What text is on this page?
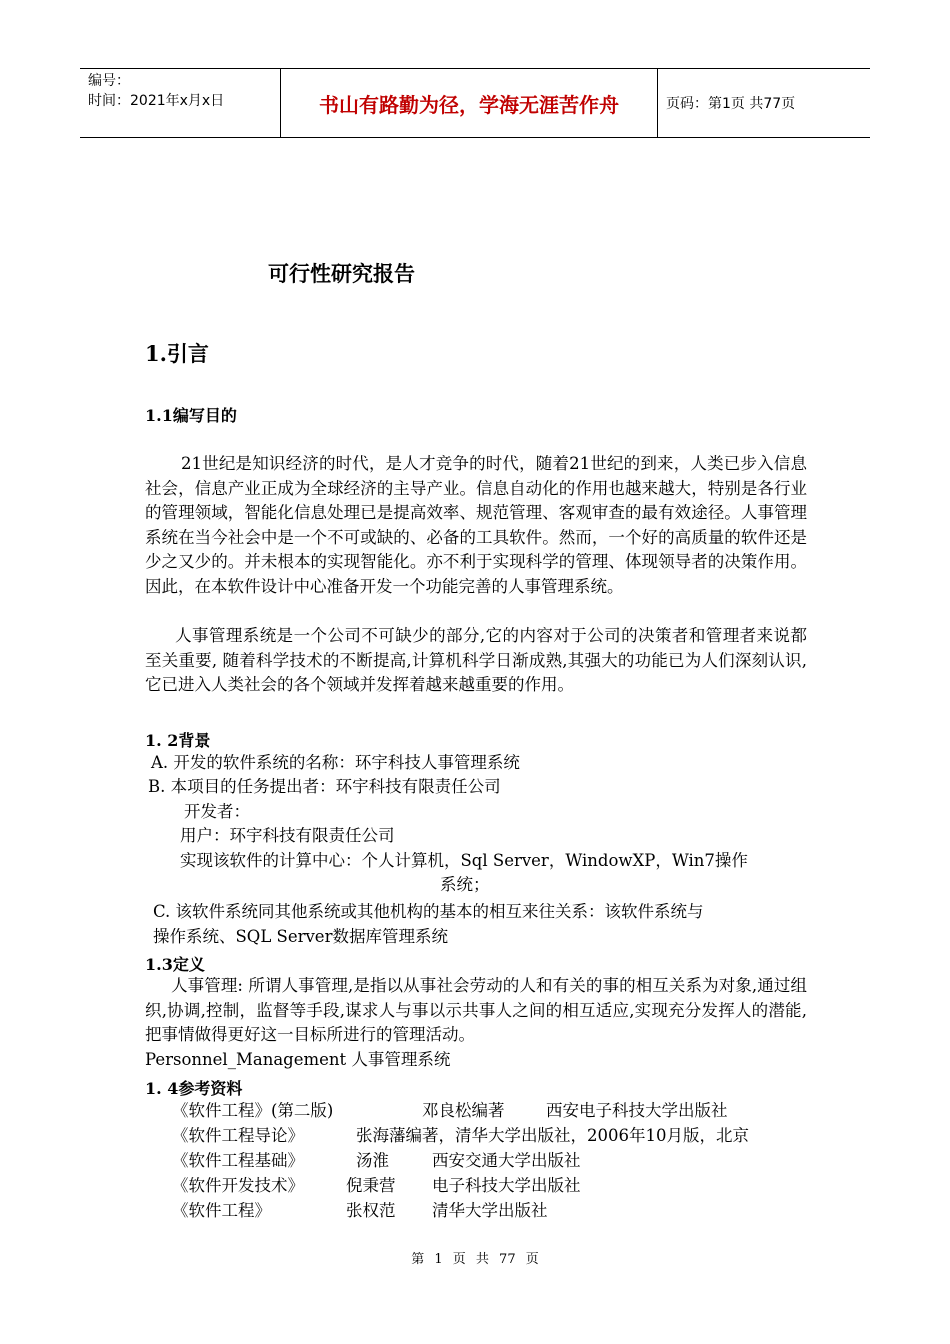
编号：
时间：2021年x月x日	书山有路勤为径，学海无涯苦作舟	页码：第1页 共77页
可行性研究报告
1.引言
1.1编写目的
21世纪是知识经济的时代，是人才竞争的时代，随着21世纪的到来，人类已步入信息社会，信息产业正成为全球经济的主导产业。信息自动化的作用也越来越大，特别是各行业的管理领域，智能化信息处理已是提高效率、规范管理、客观审查的最有效途径。人事管理系统在当今社会中是一个不可或缺的、必备的工具软件。然而，一个好的高质量的软件还是少之又少的。并未根本的实现智能化。亦不利于实现科学的管理、体现领导者的决策作用。因此，在本软件设计中心准备开发一个功能完善的人事管理系统。
人事管理系统是一个公司不可缺少的部分,它的内容对于公司的决策者和管理者来说都至关重要, 随着科学技术的不断提高,计算机科学日渐成熟,其强大的功能已为人们深刻认识,它已进入人类社会的各个领域并发挥着越来越重要的作用。
1. 2背景
A. 开发的软件系统的名称：环宇科技人事管理系统
B. 本项目的任务提出者：环宇科技有限责任公司
开发者：
用户：环宇科技有限责任公司
实现该软件的计算中心：个人计算机，Sql Server，WindowXP，Win7操作
系统；
C. 该软件系统同其他系统或其他机构的基本的相互来往关系：该软件系统与
操作系统、SQL Server数据库管理系统
1.3定义
人事管理: 所谓人事管理,是指以从事社会劳动的人和有关的事的相互关系为对象,通过组织,协调,控制，监督等手段,谋求人与事以示共事人之间的相互适应,实现充分发挥人的潜能,把事情做得更好这一目标所进行的管理活动。
Personnel_Management 人事管理系统
1. 4参考资料
《软件工程》(第二版)	邓良松编著	西安电子科技大学出版社
《软件工程导论》	张海藩编著，清华大学出版社，2006年10月版，北京
《软件工程基础》	汤淮	西安交通大学出版社
《软件开发技术》	倪秉营 电子科技大学出版社
《软件工程》	张权范 清华大学出版社
第 1 页 共 77 页
